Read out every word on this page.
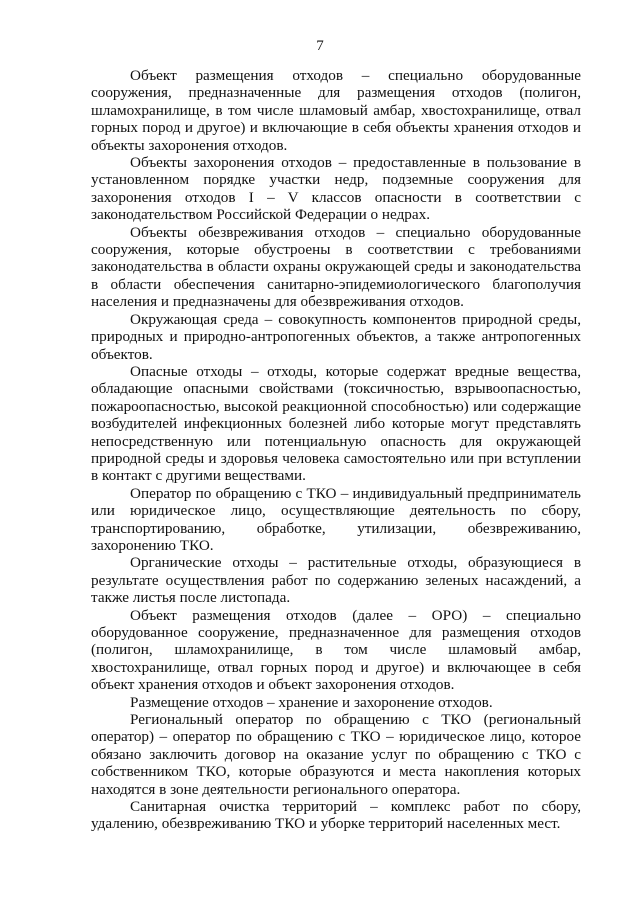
7

Объект размещения отходов – специально оборудованные сооружения, предназначенные для размещения отходов (полигон, шламохранилище, в том числе шламовый амбар, хвостохранилище, отвал горных пород и другое) и включающие в себя объекты хранения отходов и объекты захоронения отходов.

Объекты захоронения отходов – предоставленные в пользование в установленном порядке участки недр, подземные сооружения для захоронения отходов I – V классов опасности в соответствии с законодательством Российской Федерации о недрах.

Объекты обезвреживания отходов – специально оборудованные сооружения, которые обустроены в соответствии с требованиями законодательства в области охраны окружающей среды и законодательства в области обеспечения санитарно-эпидемиологического благополучия населения и предназначены для обезвреживания отходов.

Окружающая среда – совокупность компонентов природной среды, природных и природно-антропогенных объектов, а также антропогенных объектов.

Опасные отходы – отходы, которые содержат вредные вещества, обладающие опасными свойствами (токсичностью, взрывоопасностью, пожароопасностью, высокой реакционной способностью) или содержащие возбудителей инфекционных болезней либо которые могут представлять непосредственную или потенциальную опасность для окружающей природной среды и здоровья человека самостоятельно или при вступлении в контакт с другими веществами.

Оператор по обращению с ТКО – индивидуальный предприниматель или юридическое лицо, осуществляющие деятельность по сбору, транспортированию, обработке, утилизации, обезвреживанию, захоронению ТКО.

Органические отходы – растительные отходы, образующиеся в результате осуществления работ по содержанию зеленых насаждений, а также листья после листопада.

Объект размещения отходов (далее – ОРО) – специально оборудованное сооружение, предназначенное для размещения отходов (полигон, шламохранилище, в том числе шламовый амбар, хвостохранилище, отвал горных пород и другое) и включающее в себя объект хранения отходов и объект захоронения отходов.

Размещение отходов – хранение и захоронение отходов.

Региональный оператор по обращению с ТКО (региональный оператор) – оператор по обращению с ТКО – юридическое лицо, которое обязано заключить договор на оказание услуг по обращению с ТКО с собственником ТКО, которые образуются и места накопления которых находятся в зоне деятельности регионального оператора.

Санитарная очистка территорий – комплекс работ по сбору, удалению, обезвреживанию ТКО и уборке территорий населенных мест.
